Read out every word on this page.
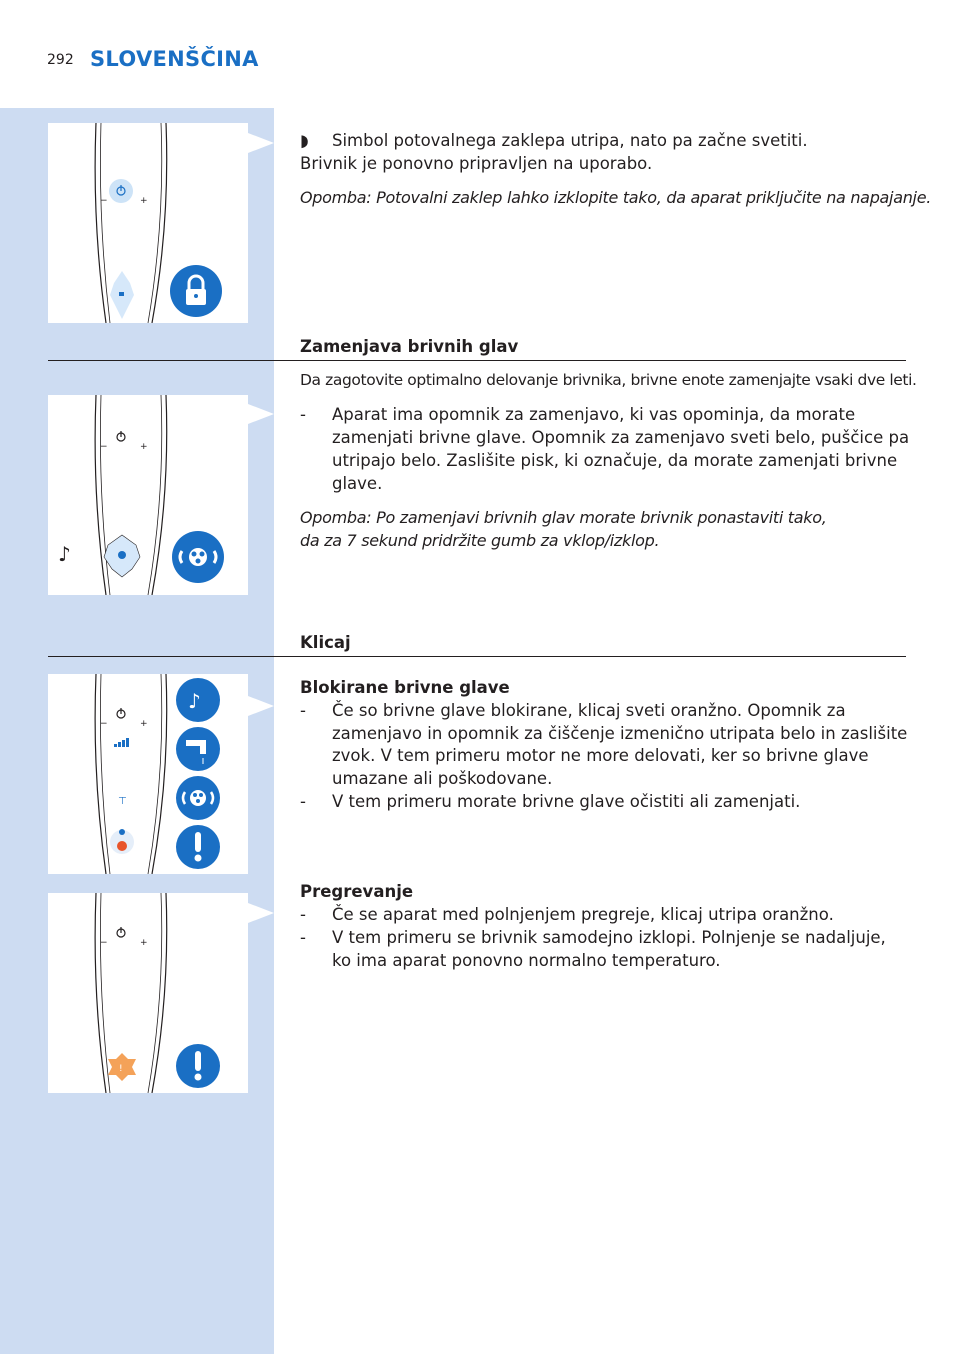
292 SLOVENŠČINA
−	+
◗ Simbol potovalnega zaklepa utripa, nato pa začne svetiti.
Brivnik je ponovno pripravljen na uporabo.
Opomba: Potovalni zaklep lahko izklopite tako, da aparat priključite na napajanje.
Zamenjava brivnih glav
Da zagotovite optimalno delovanje brivnika, brivne enote zamenjajte vsaki dve leti.
−	+
♪
- Aparat ima opomnik za zamenjavo, ki vas opominja, da morate
zamenjati brivne glave. Opomnik za zamenjavo sveti belo, puščice pa
utripajo belo. Zaslišite pisk, ki označuje, da morate zamenjati brivne
glave.
Opomba: Po zamenjavi brivnih glav morate brivnik ponastaviti tako,
da za 7 sekund pridržite gumb za vklop/izklop.
Klicaj
−	+
⊤
♪
Blokirane brivne glave
- Če so brivne glave blokirane, klicaj sveti oranžno. Opomnik za
zamenjavo in opomnik za čiščenje izmenično utripata belo in zaslišite
zvok. V tem primeru motor ne more delovati, ker so brivne glave
umazane ali poškodovane.
- V tem primeru morate brivne glave očistiti ali zamenjati.
−	+
!
Pregrevanje
- Če se aparat med polnjenjem pregreje, klicaj utripa oranžno.
- V tem primeru se brivnik samodejno izklopi. Polnjenje se nadaljuje,
ko ima aparat ponovno normalno temperaturo.
